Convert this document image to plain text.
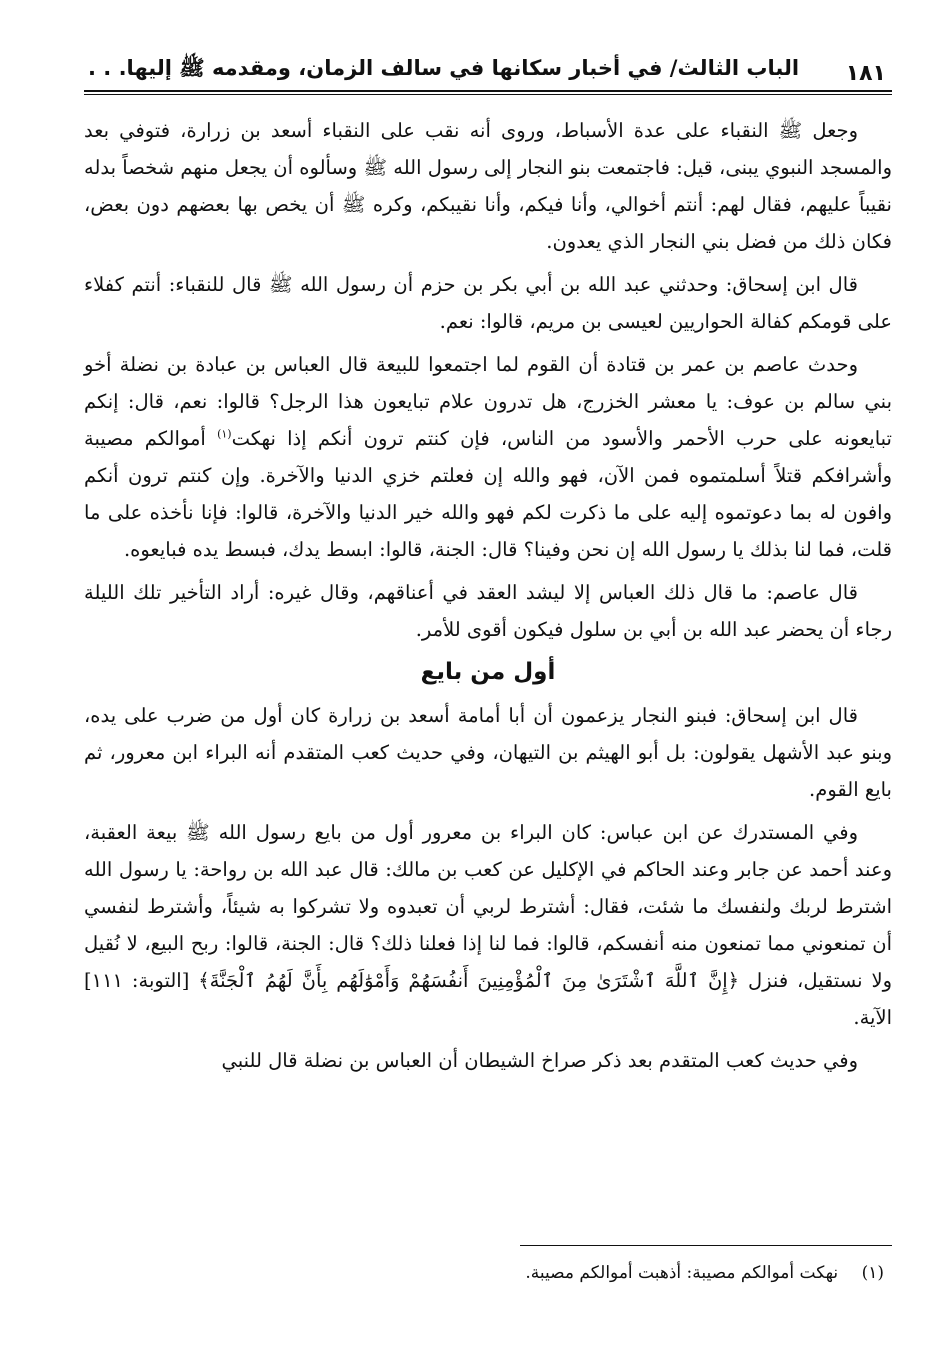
الباب الثالث/ في أخبار سكانها في سالف الزمان، ومقدمه ﷺ إليها. . . ١٨١

وجعل ﷺ النقباء على عدة الأسباط، وروى أنه نقب على النقباء أسعد بن زرارة، فتوفي بعد والمسجد النبوي يبنى، قيل: فاجتمعت بنو النجار إلى رسول الله ﷺ وسألوه أن يجعل منهم شخصاً بدله نقيباً عليهم، فقال لهم: أنتم أخوالي، وأنا فيكم، وأنا نقيبكم، وكره ﷺ أن يخص بها بعضهم دون بعض، فكان ذلك من فضل بني النجار الذي يعدون.

قال ابن إسحاق: وحدثني عبد الله بن أبي بكر بن حزم أن رسول الله ﷺ قال للنقباء: أنتم كفلاء على قومكم كفالة الحواريين لعيسى بن مريم، قالوا: نعم.

وحدث عاصم بن عمر بن قتادة أن القوم لما اجتمعوا للبيعة قال العباس بن عبادة بن نضلة أخو بني سالم بن عوف: يا معشر الخزرج، هل تدرون علام تبايعون هذا الرجل؟ قالوا: نعم، قال: إنكم تبايعونه على حرب الأحمر والأسود من الناس، فإن كنتم ترون أنكم إذا نهكت$^{(١)}$ أموالكم مصيبة وأشرافكم قتلاً أسلمتموه فمن الآن، فهو والله إن فعلتم خزي الدنيا والآخرة. وإن كنتم ترون أنكم وافون له بما دعوتموه إليه على ما ذكرت لكم فهو والله خير الدنيا والآخرة، قالوا: فإنا نأخذه على ما قلت، فما لنا بذلك يا رسول الله إن نحن وفينا؟ قال: الجنة، قالوا: ابسط يدك، فبسط يده فبايعوه.

قال عاصم: ما قال ذلك العباس إلا ليشد العقد في أعناقهم، وقال غيره: أراد التأخير تلك الليلة رجاء أن يحضر عبد الله بن أبي بن سلول فيكون أقوى للأمر.

أول من بايع

قال ابن إسحاق: فبنو النجار يزعمون أن أبا أمامة أسعد بن زرارة كان أول من ضرب على يده، وبنو عبد الأشهل يقولون: بل أبو الهيثم بن التيهان، وفي حديث كعب المتقدم أنه البراء ابن معرور، ثم بايع القوم.

وفي المستدرك عن ابن عباس: كان البراء بن معرور أول من بايع رسول الله ﷺ بيعة العقبة، وعند أحمد عن جابر وعند الحاكم في الإكليل عن كعب بن مالك: قال عبد الله بن رواحة: يا رسول الله اشترط لربك ولنفسك ما شئت، فقال: أشترط لربي أن تعبدوه ولا تشركوا به شيئاً، وأشترط لنفسي أن تمنعوني مما تمنعون منه أنفسكم، قالوا: فما لنا إذا فعلنا ذلك؟ قال: الجنة، قالوا: ربح البيع، لا نُقيل ولا نستقيل، فنزل ﴿إِنَّ ٱللَّهَ ٱشْتَرَىٰ مِنَ ٱلْمُؤْمِنِينَ أَنفُسَهُمْ وَأَمْوَٰلَهُم بِأَنَّ لَهُمُ ٱلْجَنَّةَ﴾ [التوبة: ١١١] الآية.

وفي حديث كعب المتقدم بعد ذكر صراخ الشيطان أن العباس بن نضلة قال للنبي

(١) نهكت أموالكم مصيبة: أذهبت أموالكم مصيبة.
